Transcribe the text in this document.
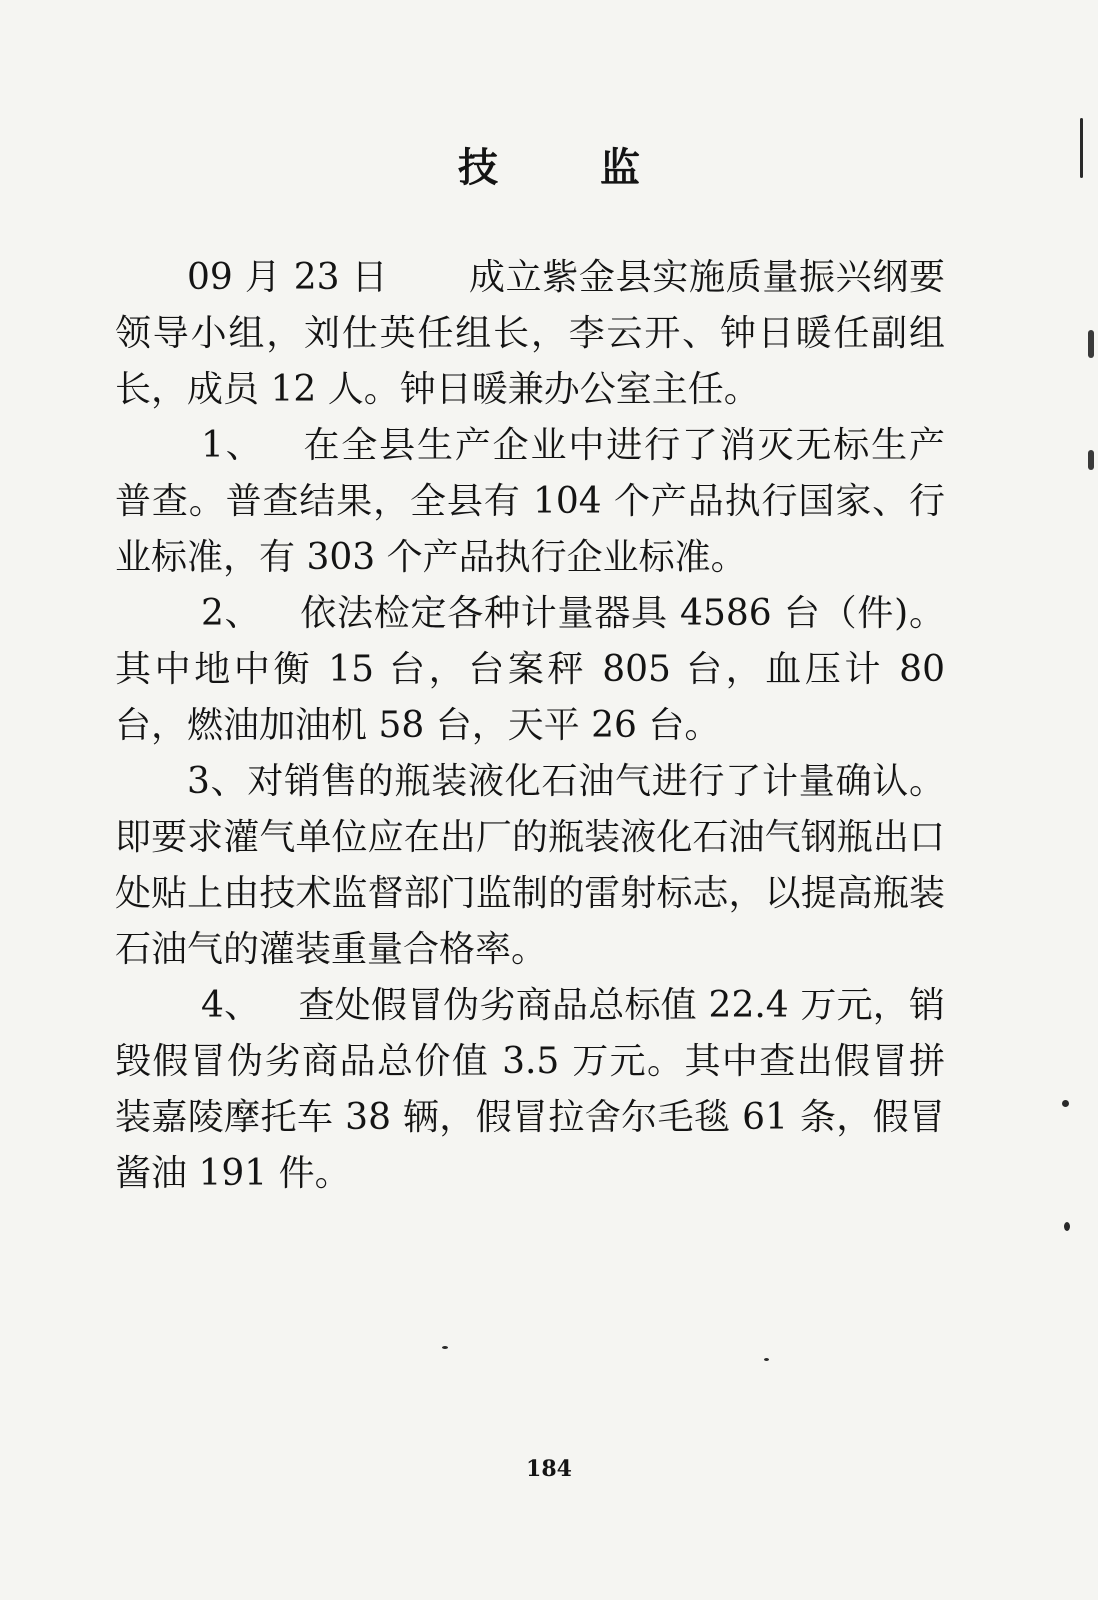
技 监

09 月 23 日 成立紫金县实施质量振兴纲要领导小组，刘仕英任组长，李云开、钟日暖任副组长，成员 12 人。钟日暖兼办公室主任。

1、 在全县生产企业中进行了消灭无标生产普查。普查结果，全县有 104 个产品执行国家、行业标准，有 303 个产品执行企业标准。

2、 依法检定各种计量器具 4586 台（件)。其中地中衡 15 台，台案秤 805 台，血压计 80 台，燃油加油机 58 台，天平 26 台。

3、对销售的瓶装液化石油气进行了计量确认。即要求灌气单位应在出厂的瓶装液化石油气钢瓶出口处贴上由技术监督部门监制的雷射标志，以提高瓶装石油气的灌装重量合格率。

4、 查处假冒伪劣商品总标值 22.4 万元，销毁假冒伪劣商品总价值 3.5 万元。其中查出假冒拼装嘉陵摩托车 38 辆，假冒拉舍尔毛毯 61 条，假冒酱油 191 件。

184
